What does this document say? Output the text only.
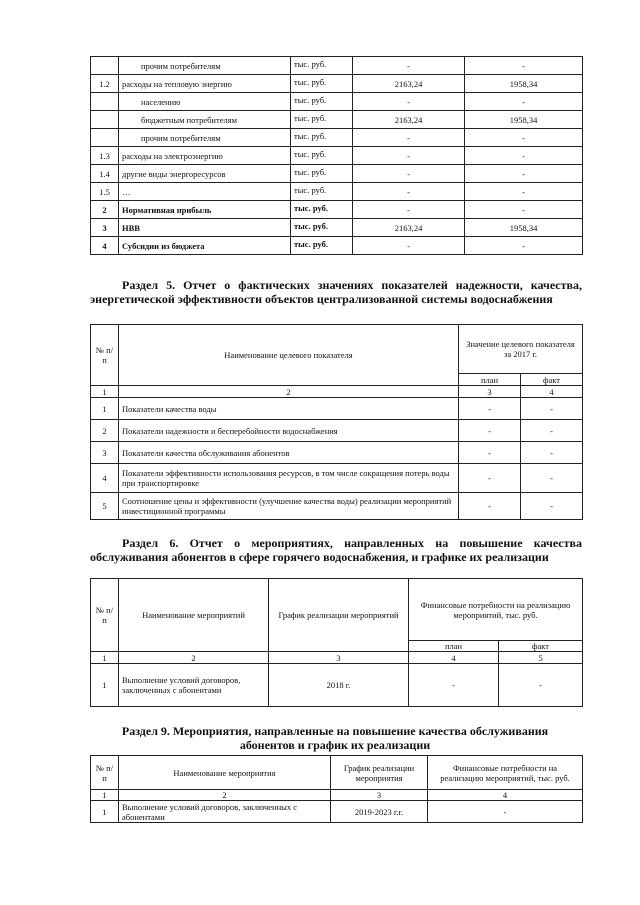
	прочим потребителям	тыс. руб.	-	-
1.2	расходы на тепловую энергию	тыс. руб.	2163,24	1958,34
	населению	тыс. руб.	-	-
	бюджетным потребителям	тыс. руб.	2163,24	1958,34
	прочим потребителям	тыс. руб.	-	-
1.3	расходы на электроэнергию	тыс. руб.	-	-
1.4	другие виды энергоресурсов	тыс. руб.	-	-
1.5	…	тыс. руб.	-	-
2	Нормативная прибыль	тыс. руб.	-	-
3	НВВ	тыс. руб.	2163,24	1958,34
4	Субсидии из бюджета	тыс. руб.	-	-

Раздел 5. Отчет о фактических значениях показателей надежности, качества, энергетической эффективности объектов централизованной системы водоснабжения

№ п/п	Наименование целевого показателя	Значение целевого показателя за 2017 г.	
		план	факт
1	2	3	4
1	Показатели качества воды	-	-
2	Показатели надежности и бесперебойности водоснабжения	-	-
3	Показатели качества обслуживания абонентов	-	-
4	Показатели эффективности использования ресурсов, в том числе сокращения потерь воды при транспортировке	-	-
5	Соотношение цены и эффективности (улучшение качества воды) реализации мероприятий инвестиционной программы	-	-

Раздел 6. Отчет о мероприятиях, направленных на повышение качества обслуживания абонентов в сфере горячего водоснабжения, и графике их реализации

№ п/п	Наименование мероприятий	График реализации мероприятий	Финансовые потребности на реализацию мероприятий, тыс. руб.	
			план	факт
1	2	3	4	5
1	Выполнение условий договоров, заключенных с абонентами	2018 г.	-	-

Раздел 9. Мероприятия, направленные на повышение качества обслуживания абонентов и график их реализации

№ п/п	Наименование мероприятия	График реализации мероприятия	Финансовые потребности на реализацию мероприятий, тыс. руб.
1	2	3	4
1	Выполнение условий договоров, заключенных с абонентами	2019-2023 г.г.	-
